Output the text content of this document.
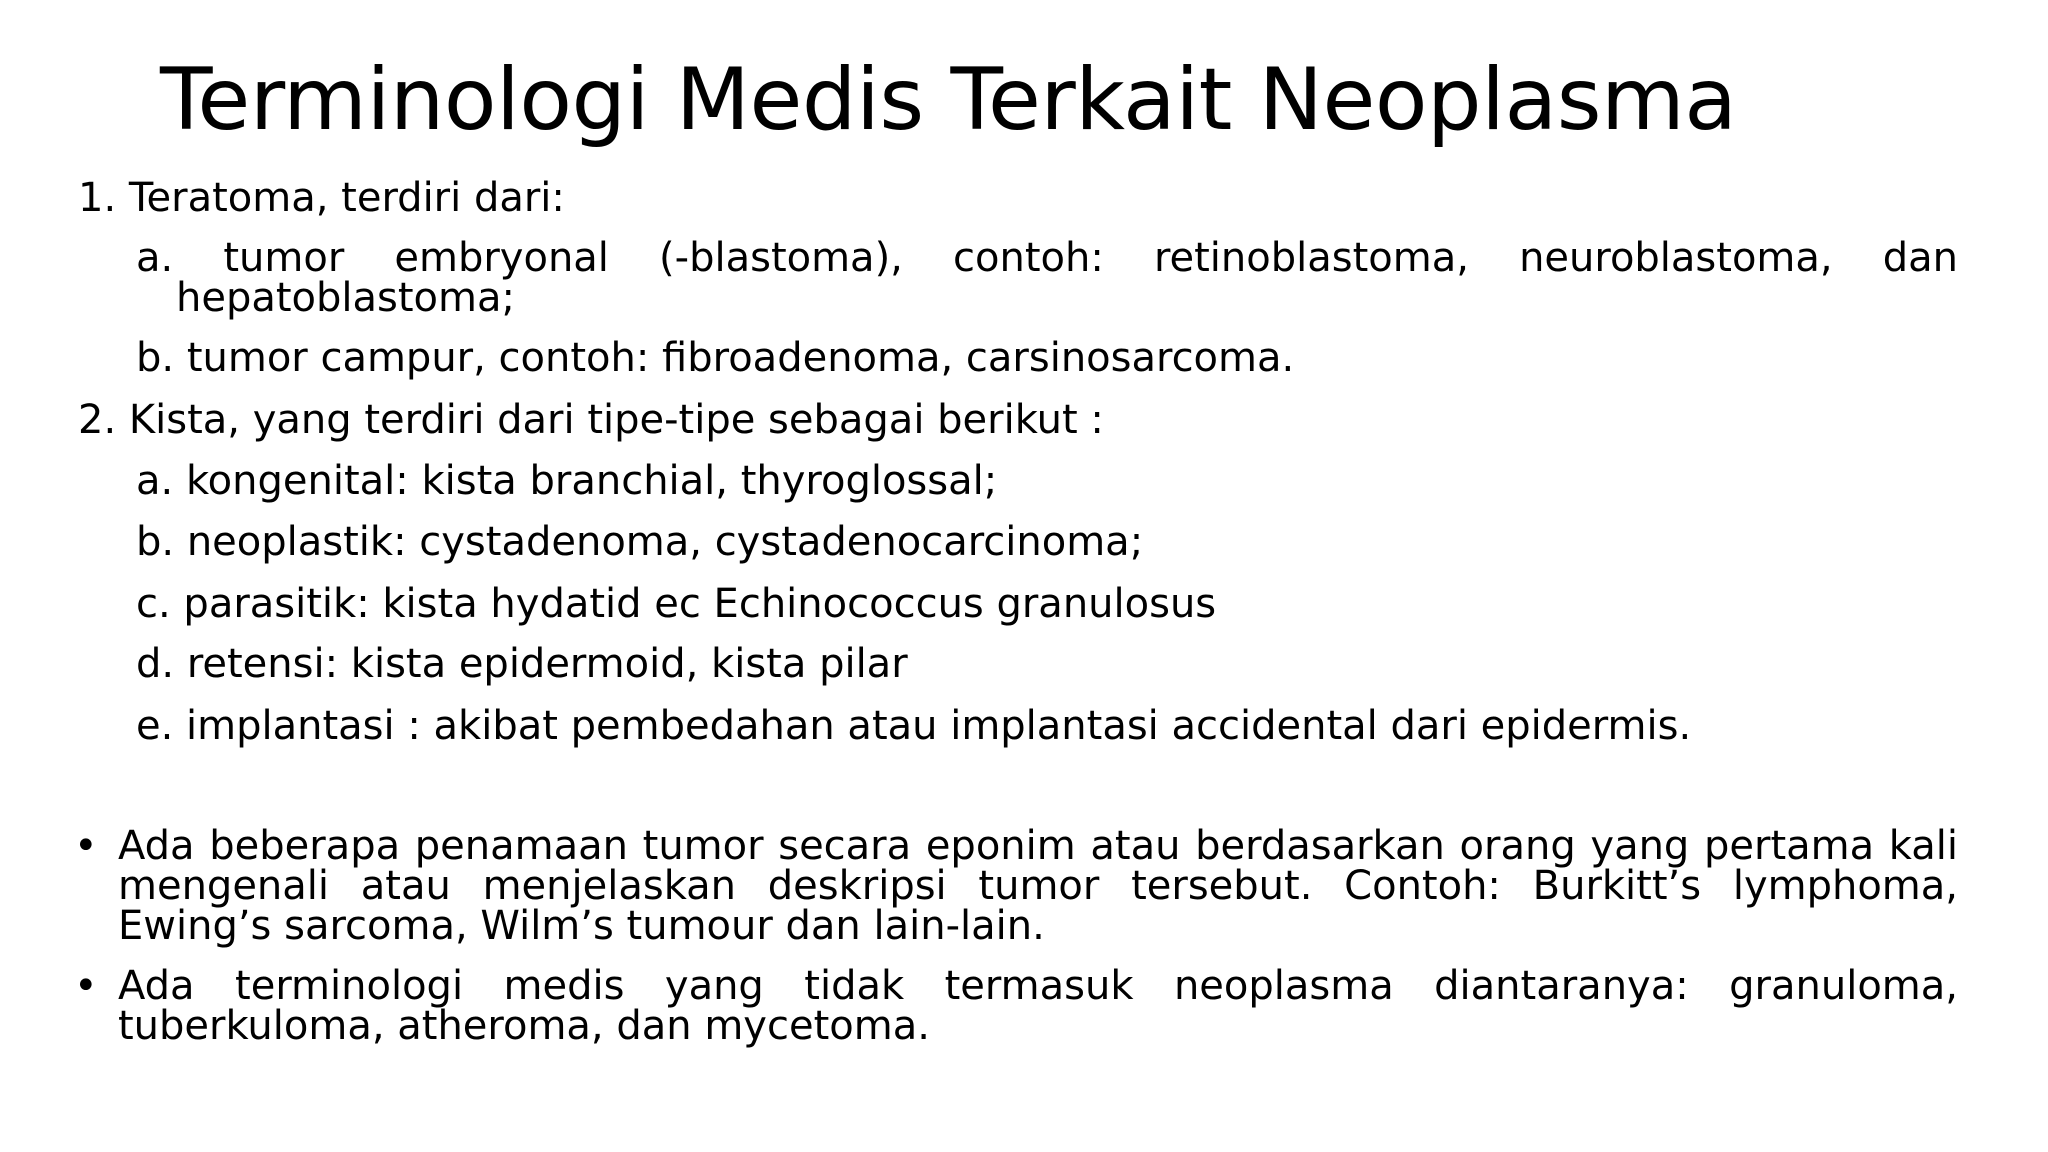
Terminologi Medis Terkait Neoplasma
1. Teratoma, terdiri dari:
a. tumor embryonal (-blastoma), contoh: retinoblastoma, neuroblastoma, dan hepatoblastoma;
b. tumor campur, contoh: fibroadenoma, carsinosarcoma.
2. Kista, yang terdiri dari tipe-tipe sebagai berikut :
a. kongenital: kista branchial, thyroglossal;
b. neoplastik: cystadenoma, cystadenocarcinoma;
c. parasitik: kista hydatid ec Echinococcus granulosus
d. retensi: kista epidermoid, kista pilar
e. implantasi : akibat pembedahan atau implantasi accidental dari epidermis.
• Ada beberapa penamaan tumor secara eponim atau berdasarkan orang yang pertama kali mengenali atau menjelaskan deskripsi tumor tersebut. Contoh: Burkitt’s lymphoma, Ewing’s sarcoma, Wilm’s tumour dan lain-lain.
• Ada terminologi medis yang tidak termasuk neoplasma diantaranya: granuloma, tuberkuloma, atheroma, dan mycetoma.
